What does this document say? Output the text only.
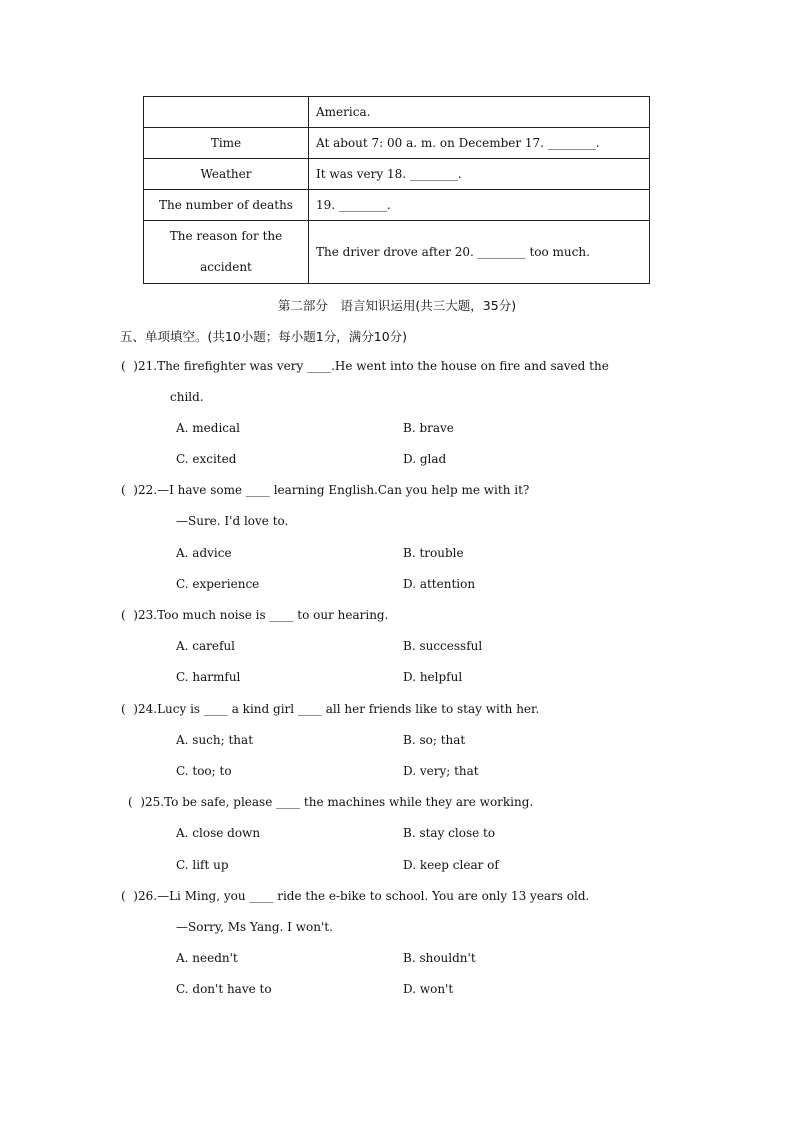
	America.
Time	At about 7: 00 a. m. on December 17. ________.
Weather	It was very 18. ________.
The number of deaths	19. ________.
The reason for the accident	The driver drove after 20. ________ too much.
第二部分　语言知识运用(共三大题，35分)
五、单项填空。(共10小题；每小题1分，满分10分)
(  )21.The firefighter was very ____.He went into the house on fire and saved the
child.
A. medical	B. brave
C. excited	D. glad
(  )22.—I have some ____ learning English.Can you help me with it?
—Sure. I'd love to.
A. advice	B. trouble
C. experience	D. attention
(  )23.Too much noise is ____ to our hearing.
A. careful	B. successful
C. harmful	D. helpful
(  )24.Lucy is ____ a kind girl ____ all her friends like to stay with her.
A. such; that	B. so; that
C. too; to	D. very; that
(  )25.To be safe, please ____ the machines while they are working.
A. close down	B. stay close to
C. lift up	D. keep clear of
(  )26.—Li Ming, you ____ ride the e-bike to school. You are only 13 years old.
—Sorry, Ms Yang. I won't.
A. needn't	B. shouldn't
C. don't have to	D. won't
